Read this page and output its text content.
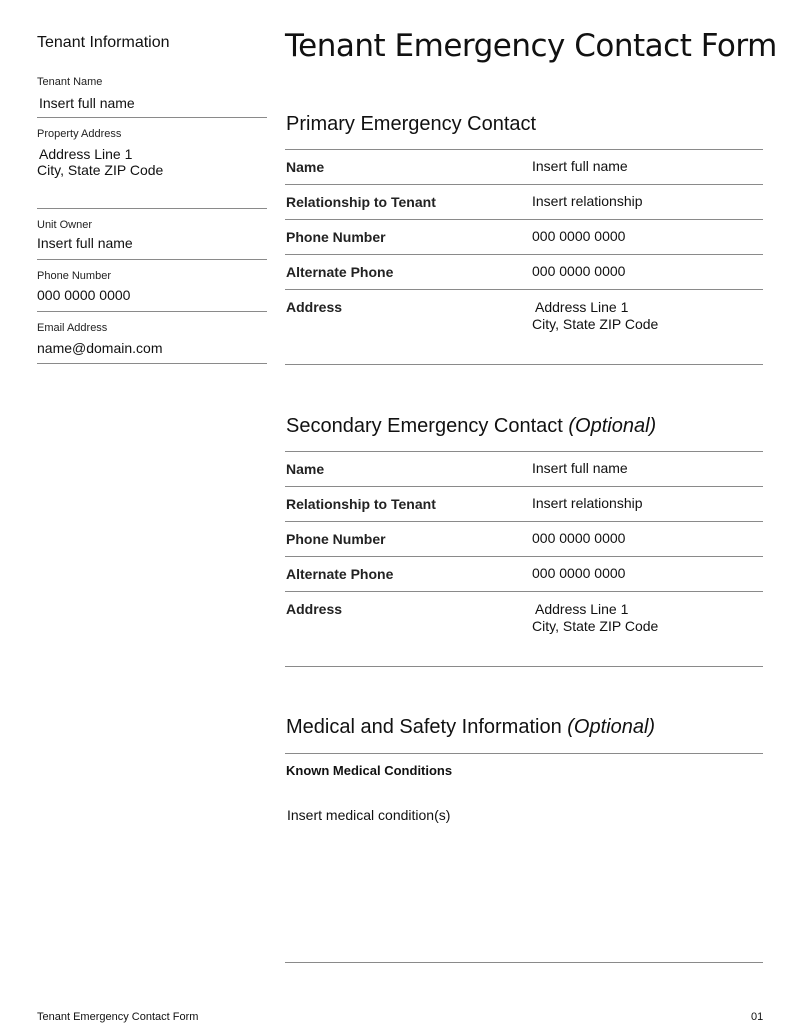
Tenant Information
Tenant Name
Insert full name
Property Address
Address Line 1
City, State ZIP Code
Unit Owner
Insert full name
Phone Number
000 0000 0000
Email Address
name@domain.com
Tenant Emergency Contact Form
Primary Emergency Contact
Name	Insert full name
Relationship to Tenant	Insert relationship
Phone Number	000 0000 0000
Alternate Phone	000 0000 0000
Address	Address Line 1
City, State ZIP Code
Secondary Emergency Contact (Optional)
Name	Insert full name
Relationship to Tenant	Insert relationship
Phone Number	000 0000 0000
Alternate Phone	000 0000 0000
Address	Address Line 1
City, State ZIP Code
Medical and Safety Information (Optional)
Known Medical Conditions
Insert medical condition(s)
Tenant Emergency Contact Form	01
